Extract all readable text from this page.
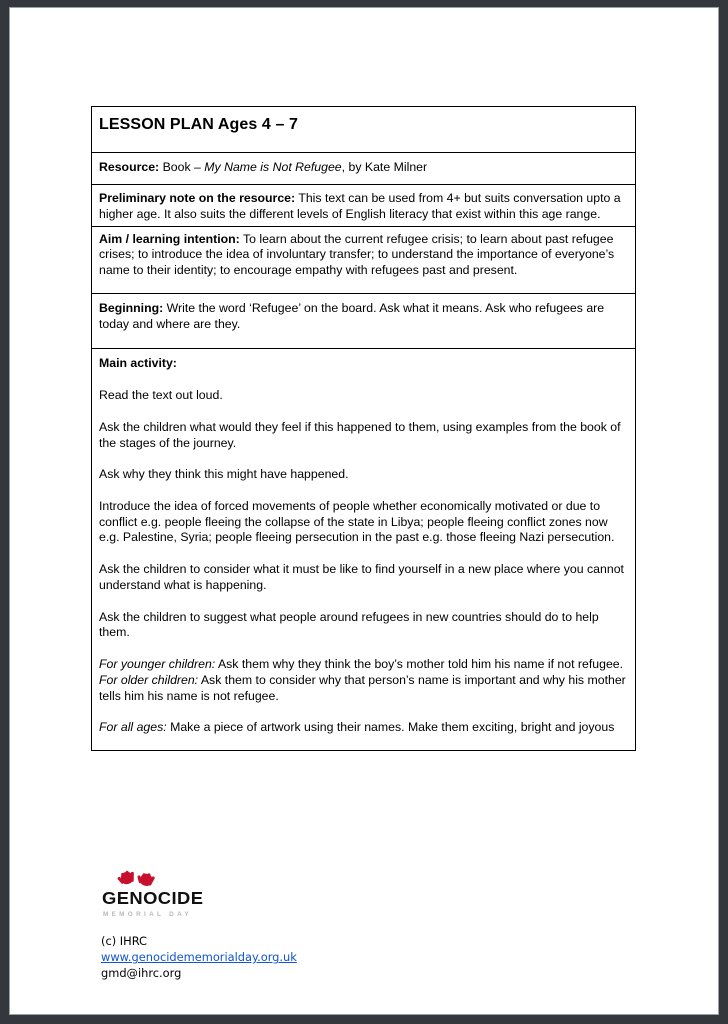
LESSON PLAN Ages 4 – 7
Resource: Book – My Name is Not Refugee, by Kate Milner
Preliminary note on the resource: This text can be used from 4+ but suits conversation upto a higher age. It also suits the different levels of English literacy that exist within this age range.
Aim / learning intention: To learn about the current refugee crisis; to learn about past refugee crises; to introduce the idea of involuntary transfer; to understand the importance of everyone’s name to their identity; to encourage empathy with refugees past and present.
Beginning: Write the word ‘Refugee’ on the board. Ask what it means. Ask who refugees are today and where are they.

Main activity:

Read the text out loud.

Ask the children what would they feel if this happened to them, using examples from the book of the stages of the journey.

Ask why they think this might have happened.

Introduce the idea of forced movements of people whether economically motivated or due to conflict e.g. people fleeing the collapse of the state in Libya; people fleeing conflict zones now e.g. Palestine, Syria; people fleeing persecution in the past e.g. those fleeing Nazi persecution.

Ask the children to consider what it must be like to find yourself in a new place where you cannot understand what is happening.

Ask the children to suggest what people around refugees in new countries should do to help them.

For younger children: Ask them why they think the boy’s mother told him his name if not refugee.

For older children: Ask them to consider why that person’s name is important and why his mother tells him his name is not refugee.

For all ages: Make a piece of artwork using their names. Make them exciting, bright and joyous

GENOCIDE
MEMORIAL DAY
(c) IHRC
www.genocidememorialday.org.uk
gmd@ihrc.org
